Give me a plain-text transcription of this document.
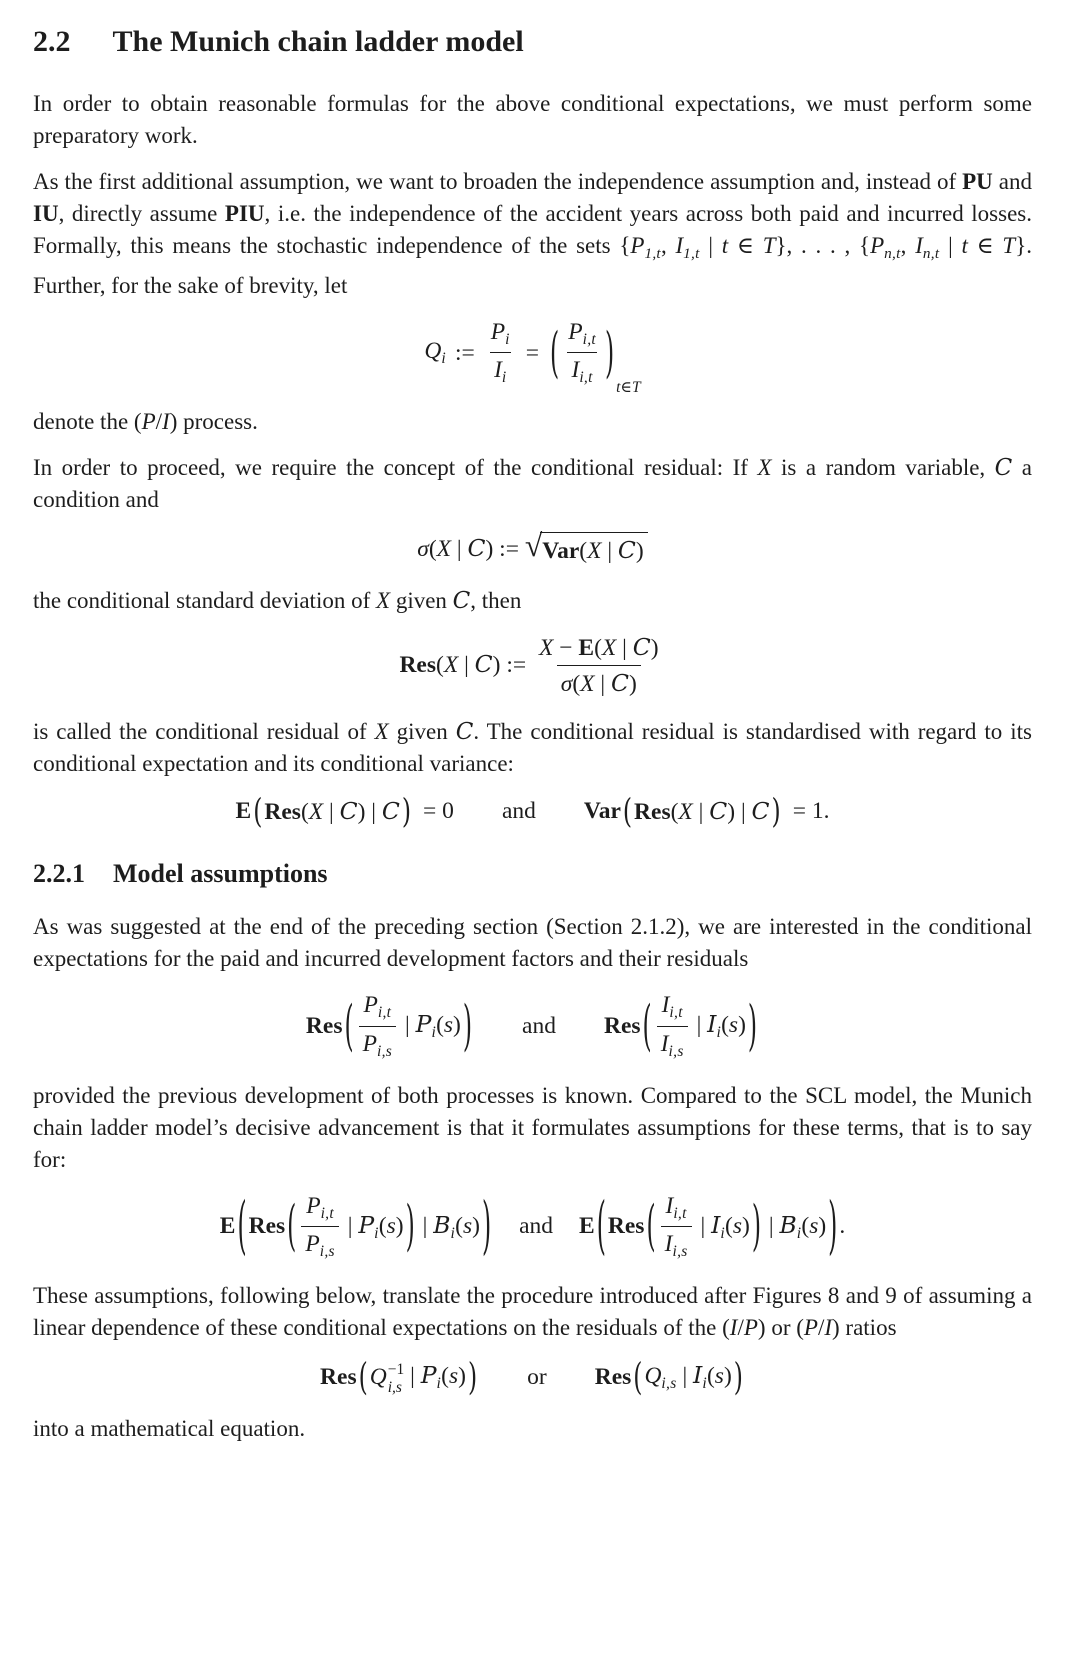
2.2 The Munich chain ladder model

In order to obtain reasonable formulas for the above conditional expectations, we must perform some preparatory work.

As the first additional assumption, we want to broaden the independence assumption and, instead of PU and IU, directly assume PIU, i.e. the independence of the accident years across both paid and incurred losses. Formally, this means the stochastic independence of the sets {$P_{1,t}$, $I_{1,t}$ | t ∈ T}, . . . , {$P_{n,t}$, $I_{n,t}$ | t ∈ T}. Further, for the sake of brevity, let

$Q_i$ := $\frac{P_i}{I_i}$ = ( $\frac{P_{i,t}}{I_{i,t}}$ )
t∈T

denote the (P/I) process.

In order to proceed, we require the concept of the conditional residual: If X is a random variable, C a condition and

σ(X | C) := √ Var(X | C)

the conditional standard deviation of X given C, then

Res(X | C) := $\frac{X - E(X | C)}{\sigma(X | C)}$

is called the conditional residual of X given C. The conditional residual is standardised with regard to its conditional expectation and its conditional variance:

E ( Res(X | C) | C ) = 0 and Var ( Res(X | C) | C ) = 1.
2.2.1 Model assumptions

As was suggested at the end of the preceding section (Section 2.1.2), we are interested in the conditional expectations for the paid and incurred development factors and their residuals

Res ( $\frac{P_{i,t}}{P_{i,s}}$ | $P_i(s)$ ) and Res ( $\frac{I_{i,t}}{I_{i,s}}$ | $I_i(s)$ )

provided the previous development of both processes is known. Compared to the SCL model, the Munich chain ladder model’s decisive advancement is that it formulates assumptions for these terms, that is to say for:

E ( Res ( $\frac{P_{i,t}}{P_{i,s}}$ | $P_i(s)$ ) | $B_i(s)$ ) and E ( Res ( $\frac{I_{i,t}}{I_{i,s}}$ | $I_i(s)$ ) | $B_i(s)$ ) .

These assumptions, following below, translate the procedure introduced after Figures 8 and 9 of assuming a linear dependence of these conditional expectations on the residuals of the (I/P) or (P/I) ratios

Res ( Q −1
i,s | $P_i(s)$ ) or Res ( $Q_{i,s}$ | $I_i(s)$ )

into a mathematical equation.
